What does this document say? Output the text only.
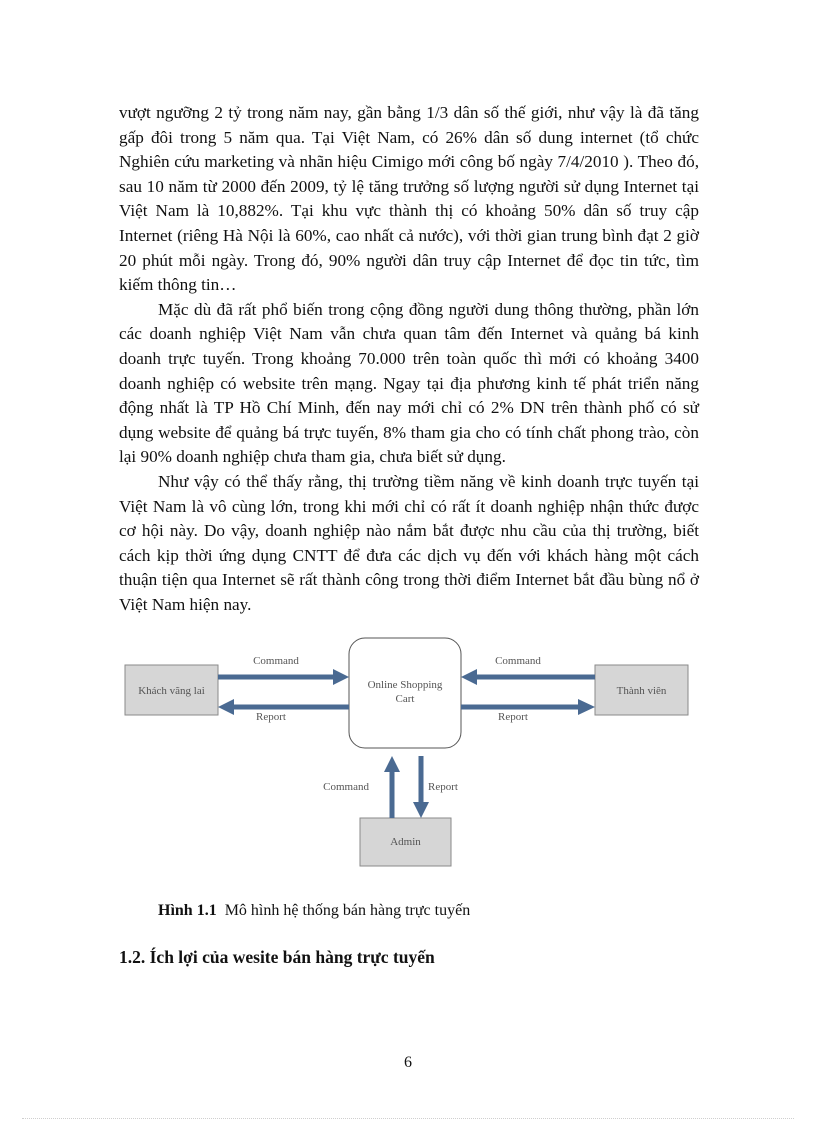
vượt ngưỡng 2 tỷ trong năm nay, gần bằng 1/3 dân số thế giới, như vậy là đã tăng gấp đôi trong 5 năm qua. Tại Việt Nam, có 26% dân số dung internet (tổ chức Nghiên cứu marketing và nhãn hiệu Cimigo mới công bố ngày 7/4/2010 ). Theo đó, sau 10 năm từ 2000 đến 2009, tỷ lệ tăng trưởng số lượng người sử dụng Internet tại Việt Nam là 10,882%. Tại khu vực thành thị có khoảng 50% dân số truy cập Internet (riêng Hà Nội là 60%, cao nhất cả nước), với thời gian trung bình đạt 2 giờ 20 phút mỗi ngày. Trong đó, 90% người dân truy cập Internet để đọc tin tức, tìm kiếm thông tin…

Mặc dù đã rất phổ biến trong cộng đồng người dung thông thường, phần lớn các doanh nghiệp Việt Nam vẫn chưa quan tâm đến Internet và quảng bá kinh doanh trực tuyến. Trong khoảng 70.000 trên toàn quốc thì mới có khoảng 3400 doanh nghiệp có website trên mạng. Ngay tại địa phương kinh tế phát triển năng động nhất là TP Hồ Chí Minh, đến nay mới chỉ có 2% DN trên thành phố có sử dụng website để quảng bá trực tuyến, 8% tham gia cho có tính chất phong trào, còn lại 90% doanh nghiệp chưa tham gia, chưa biết sử dụng.

Như vậy có thể thấy rằng, thị trường tiềm năng về kinh doanh trực tuyến tại Việt Nam là vô cùng lớn, trong khi mới chỉ có rất ít doanh nghiệp nhận thức được cơ hội này. Do vậy, doanh nghiệp nào nắm bắt được nhu cầu của thị trường, biết cách kịp thời ứng dụng CNTT để đưa các dịch vụ đến với khách hàng một cách thuận tiện qua Internet sẽ rất thành công trong thời điểm Internet bắt đầu bùng nổ ở Việt Nam hiện nay.

Khách vãng lai	Thành viên
Admin
Online Shopping
Cart
Command
Report
Command
Report
Command	Report
Hình 1.1 Mô hình hệ thống bán hàng trực tuyến
1.2. Ích lợi của wesite bán hàng trực tuyến
6
